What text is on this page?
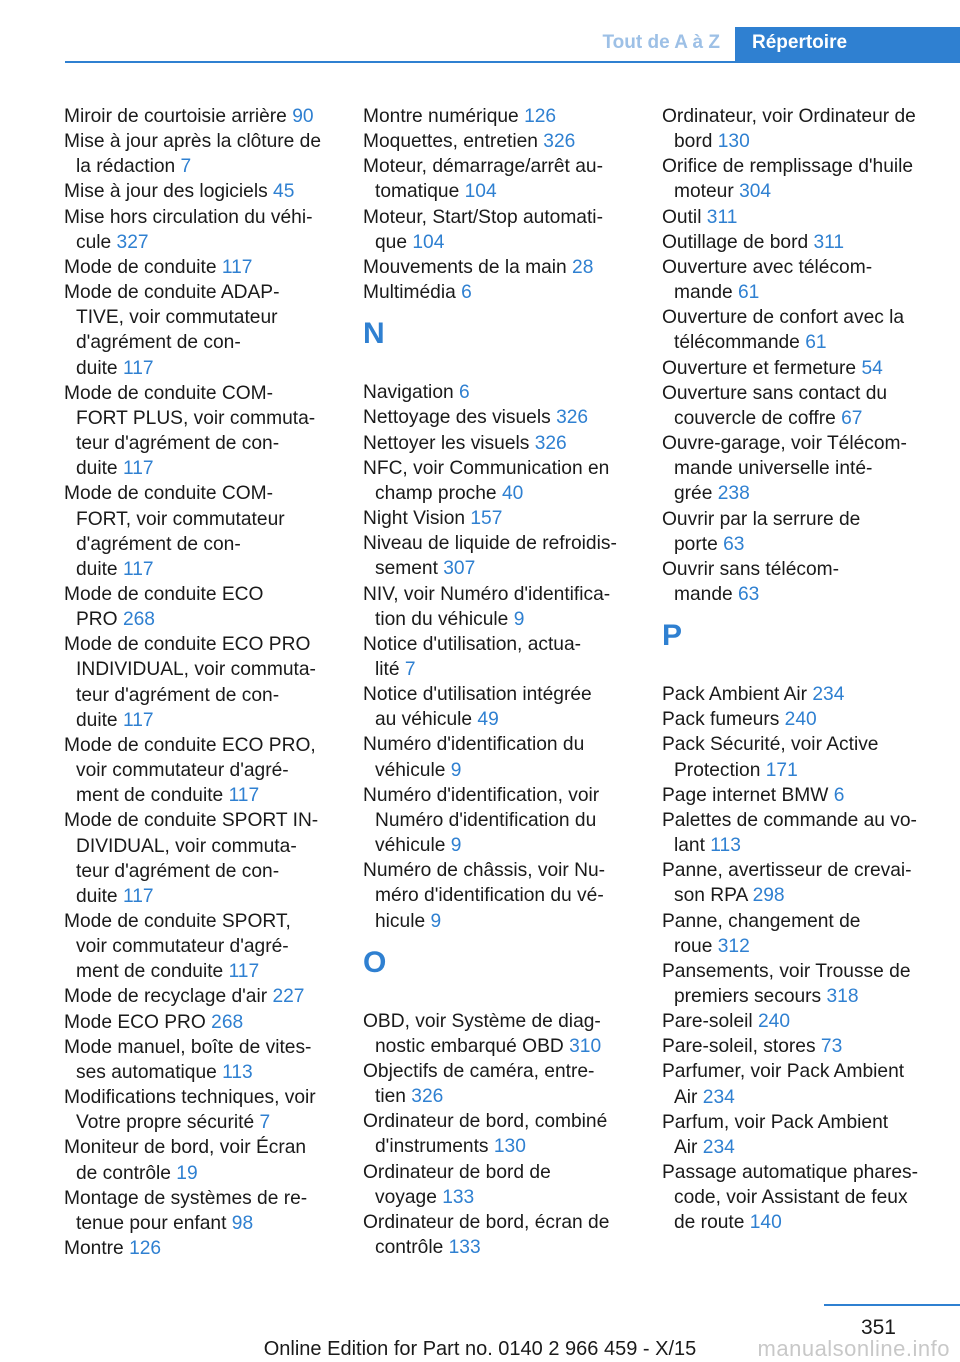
Tout de A à Z	Répertoire
Miroir de courtoisie arrière 90
Mise à jour après la clôture de
la rédaction 7
Mise à jour des logiciels 45
Mise hors circulation du véhi-
cule 327
Mode de conduite 117
Mode de conduite ADAP-
TIVE, voir commutateur
d'agrément de con-
duite 117
Mode de conduite COM-
FORT PLUS, voir commuta-
teur d'agrément de con-
duite 117
Mode de conduite COM-
FORT, voir commutateur
d'agrément de con-
duite 117
Mode de conduite ECO
PRO 268
Mode de conduite ECO PRO
INDIVIDUAL, voir commuta-
teur d'agrément de con-
duite 117
Mode de conduite ECO PRO,
voir commutateur d'agré-
ment de conduite 117
Mode de conduite SPORT IN-
DIVIDUAL, voir commuta-
teur d'agrément de con-
duite 117
Mode de conduite SPORT,
voir commutateur d'agré-
ment de conduite 117
Mode de recyclage d'air 227
Mode ECO PRO 268
Mode manuel, boîte de vites-
ses automatique 113
Modifications techniques, voir
Votre propre sécurité 7
Moniteur de bord, voir Écran
de contrôle 19
Montage de systèmes de re-
tenue pour enfant 98
Montre 126
Montre numérique 126
Moquettes, entretien 326
Moteur, démarrage/arrêt au-
tomatique 104
Moteur, Start/Stop automati-
que 104
Mouvements de la main 28
Multimédia 6
N
Navigation 6
Nettoyage des visuels 326
Nettoyer les visuels 326
NFC, voir Communication en
champ proche 40
Night Vision 157
Niveau de liquide de refroidis-
sement 307
NIV, voir Numéro d'identifica-
tion du véhicule 9
Notice d'utilisation, actua-
lité 7
Notice d'utilisation intégrée
au véhicule 49
Numéro d'identification du
véhicule 9
Numéro d'identification, voir
Numéro d'identification du
véhicule 9
Numéro de châssis, voir Nu-
méro d'identification du vé-
hicule 9
O
OBD, voir Système de diag-
nostic embarqué OBD 310
Objectifs de caméra, entre-
tien 326
Ordinateur de bord, combiné
d'instruments 130
Ordinateur de bord de
voyage 133
Ordinateur de bord, écran de
contrôle 133
Ordinateur, voir Ordinateur de
bord 130
Orifice de remplissage d'huile
moteur 304
Outil 311
Outillage de bord 311
Ouverture avec télécom-
mande 61
Ouverture de confort avec la
télécommande 61
Ouverture et fermeture 54
Ouverture sans contact du
couvercle de coffre 67
Ouvre-garage, voir Télécom-
mande universelle inté-
grée 238
Ouvrir par la serrure de
porte 63
Ouvrir sans télécom-
mande 63
P
Pack Ambient Air 234
Pack fumeurs 240
Pack Sécurité, voir Active
Protection 171
Page internet BMW 6
Palettes de commande au vo-
lant 113
Panne, avertisseur de crevai-
son RPA 298
Panne, changement de
roue 312
Pansements, voir Trousse de
premiers secours 318
Pare-soleil 240
Pare-soleil, stores 73
Parfumer, voir Pack Ambient
Air 234
Parfum, voir Pack Ambient
Air 234
Passage automatique phares-
code, voir Assistant de feux
de route 140
351
Online Edition for Part no. 0140 2 966 459 - X/15	manualsonline.info
